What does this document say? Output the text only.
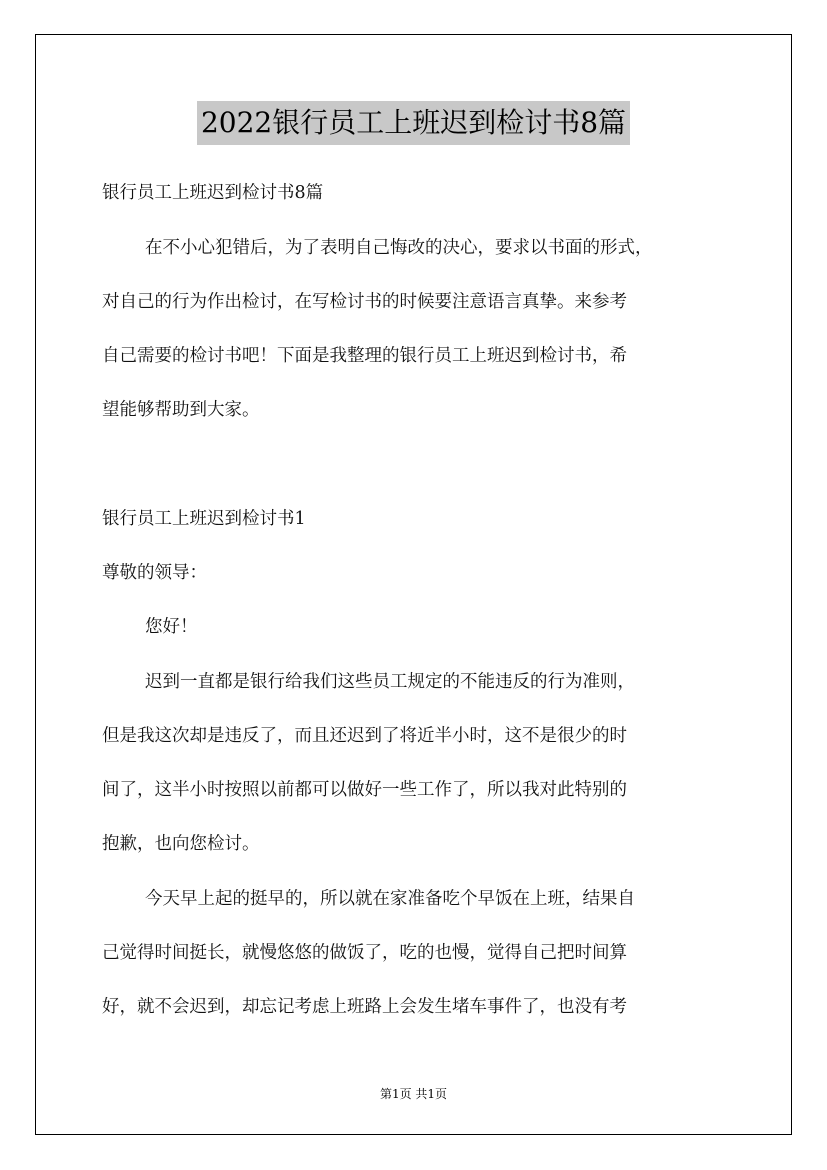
2022银行员工上班迟到检讨书8篇
银行员工上班迟到检讨书8篇
在不小心犯错后，为了表明自己悔改的决心，要求以书面的形式，
对自己的行为作出检讨，在写检讨书的时候要注意语言真挚。来参考
自己需要的检讨书吧！下面是我整理的银行员工上班迟到检讨书，希
望能够帮助到大家。
银行员工上班迟到检讨书1
尊敬的领导：
您好！
迟到一直都是银行给我们这些员工规定的不能违反的行为准则，
但是我这次却是违反了，而且还迟到了将近半小时，这不是很少的时
间了，这半小时按照以前都可以做好一些工作了，所以我对此特别的
抱歉，也向您检讨。
今天早上起的挺早的，所以就在家准备吃个早饭在上班，结果自
己觉得时间挺长，就慢悠悠的做饭了，吃的也慢，觉得自己把时间算
好，就不会迟到，却忘记考虑上班路上会发生堵车事件了，也没有考
第1页 共1页
